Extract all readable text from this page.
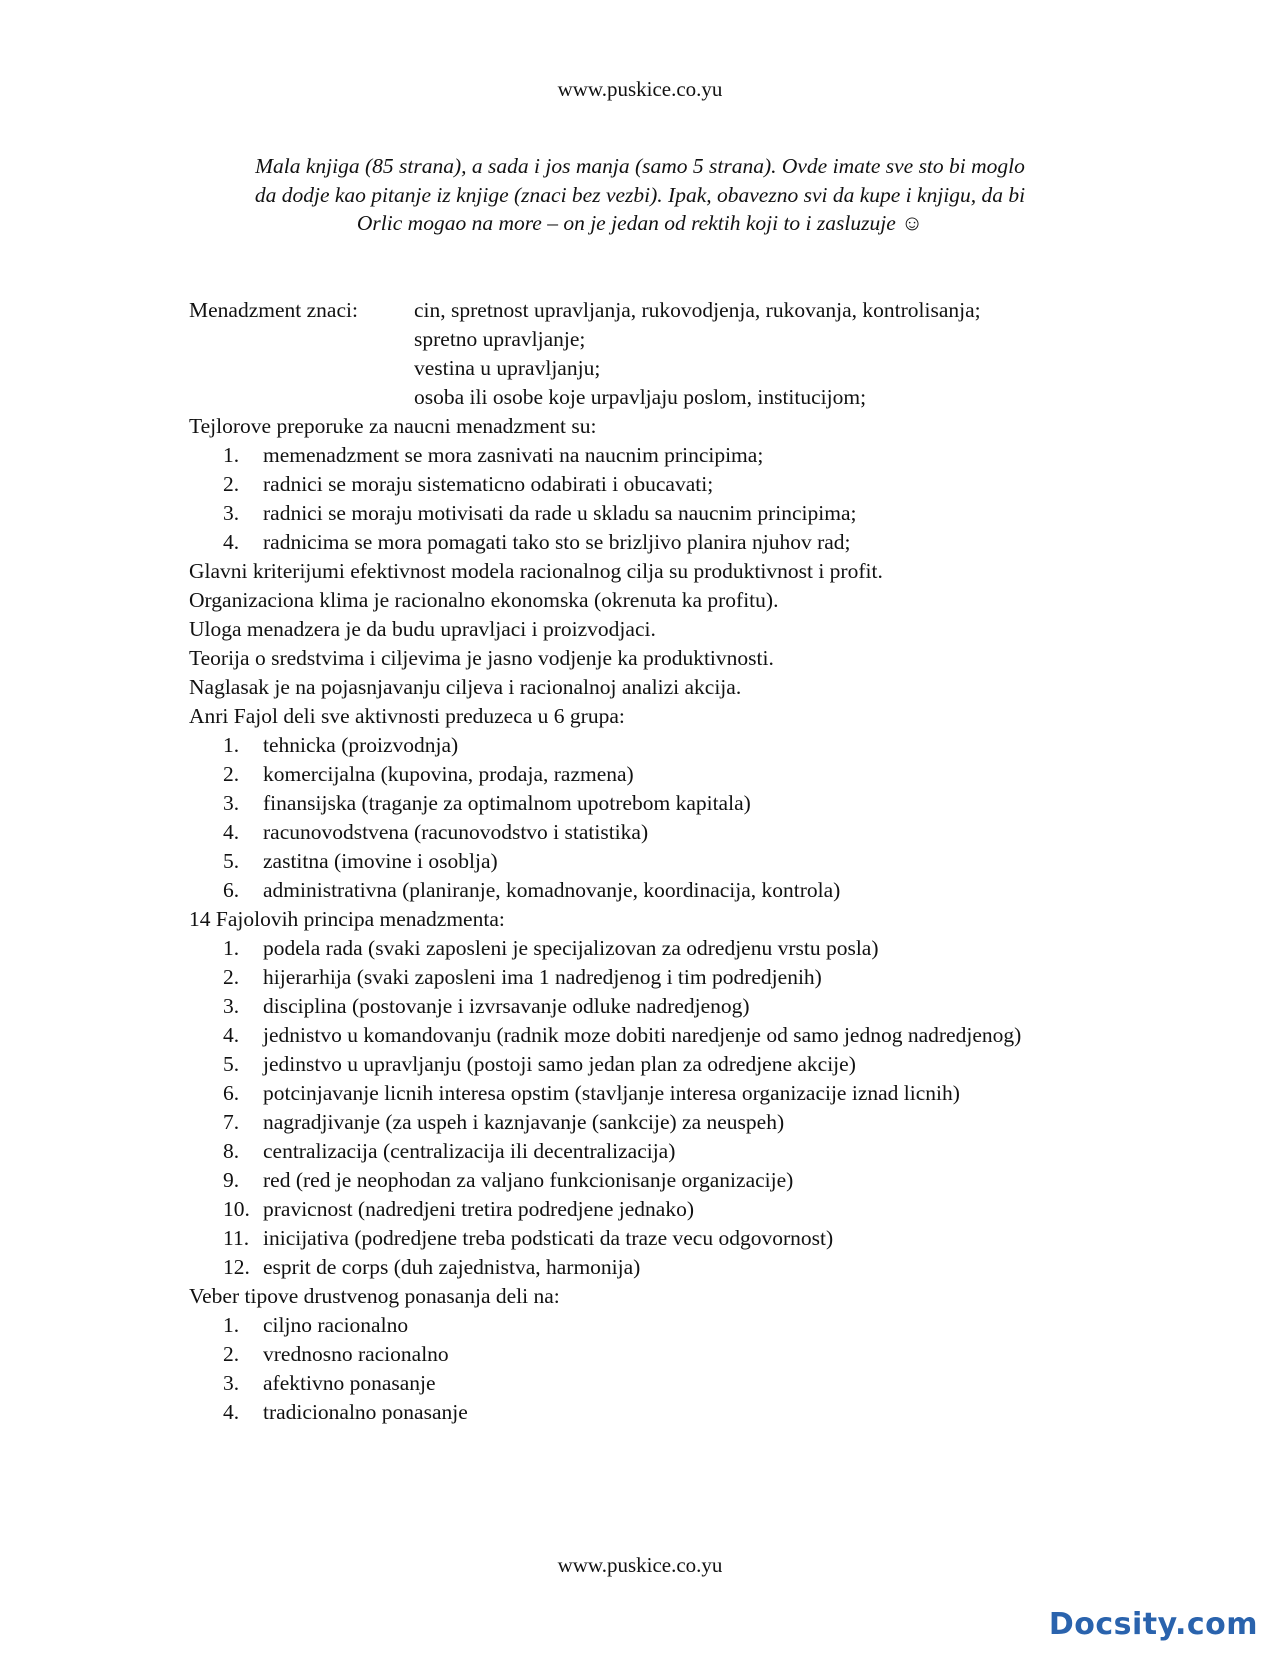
www.puskice.co.yu
Mala knjiga (85 strana), a sada i jos manja (samo 5 strana). Ovde imate sve sto bi moglo
da dodje kao pitanje iz knjige (znaci bez vezbi). Ipak, obavezno svi da kupe i knjigu, da bi
Orlic mogao na more – on je jedan od rektih koji to i zasluzuje ☺
Menadzment znaci:	cin, spretnost upravljanja, rukovodjenja, rukovanja, kontrolisanja;
spretno upravljanje;
vestina u upravljanju;
osoba ili osobe koje urpavljaju poslom, institucijom;

Tejlorove preporuke za naucni menadzment su:

1.	memenadzment se mora zasnivati na naucnim principima;
2.	radnici se moraju sistematicno odabirati i obucavati;
3.	radnici se moraju motivisati da rade u skladu sa naucnim principima;
4.	radnicima se mora pomagati tako sto se brizljivo planira njuhov rad;

Glavni kriterijumi efektivnost modela racionalnog cilja su produktivnost i profit.

Organizaciona klima je racionalno ekonomska (okrenuta ka profitu).

Uloga menadzera je da budu upravljaci i proizvodjaci.

Teorija o sredstvima i ciljevima je jasno vodjenje ka produktivnosti.

Naglasak je na pojasnjavanju ciljeva i racionalnoj analizi akcija.

Anri Fajol deli sve aktivnosti preduzeca u 6 grupa:

1.	tehnicka (proizvodnja)
2.	komercijalna (kupovina, prodaja, razmena)
3.	finansijska (traganje za optimalnom upotrebom kapitala)
4.	racunovodstvena (racunovodstvo i statistika)
5.	zastitna (imovine i osoblja)
6.	administrativna (planiranje, komadnovanje, koordinacija, kontrola)

14 Fajolovih principa menadzmenta:

1.	podela rada (svaki zaposleni je specijalizovan za odredjenu vrstu posla)
2.	hijerarhija (svaki zaposleni ima 1 nadredjenog i tim podredjenih)
3.	disciplina (postovanje i izvrsavanje odluke nadredjenog)
4.	jednistvo u komandovanju (radnik moze dobiti naredjenje od samo jednog nadredjenog)
5.	jedinstvo u upravljanju (postoji samo jedan plan za odredjene akcije)
6.	potcinjavanje licnih interesa opstim (stavljanje interesa organizacije iznad licnih)
7.	nagradjivanje (za uspeh i kaznjavanje (sankcije) za neuspeh)
8.	centralizacija (centralizacija ili decentralizacija)
9.	red (red je neophodan za valjano funkcionisanje organizacije)
10. pravicnost (nadredjeni tretira podredjene jednako)
11. inicijativa (podredjene treba podsticati da traze vecu odgovornost)
12. esprit de corps (duh zajednistva, harmonija)

Veber tipove drustvenog ponasanja deli na:

1.	ciljno racionalno
2.	vrednosno racionalno
3.	afektivno ponasanje
4.	tradicionalno ponasanje
www.puskice.co.yu
Docsity.com
